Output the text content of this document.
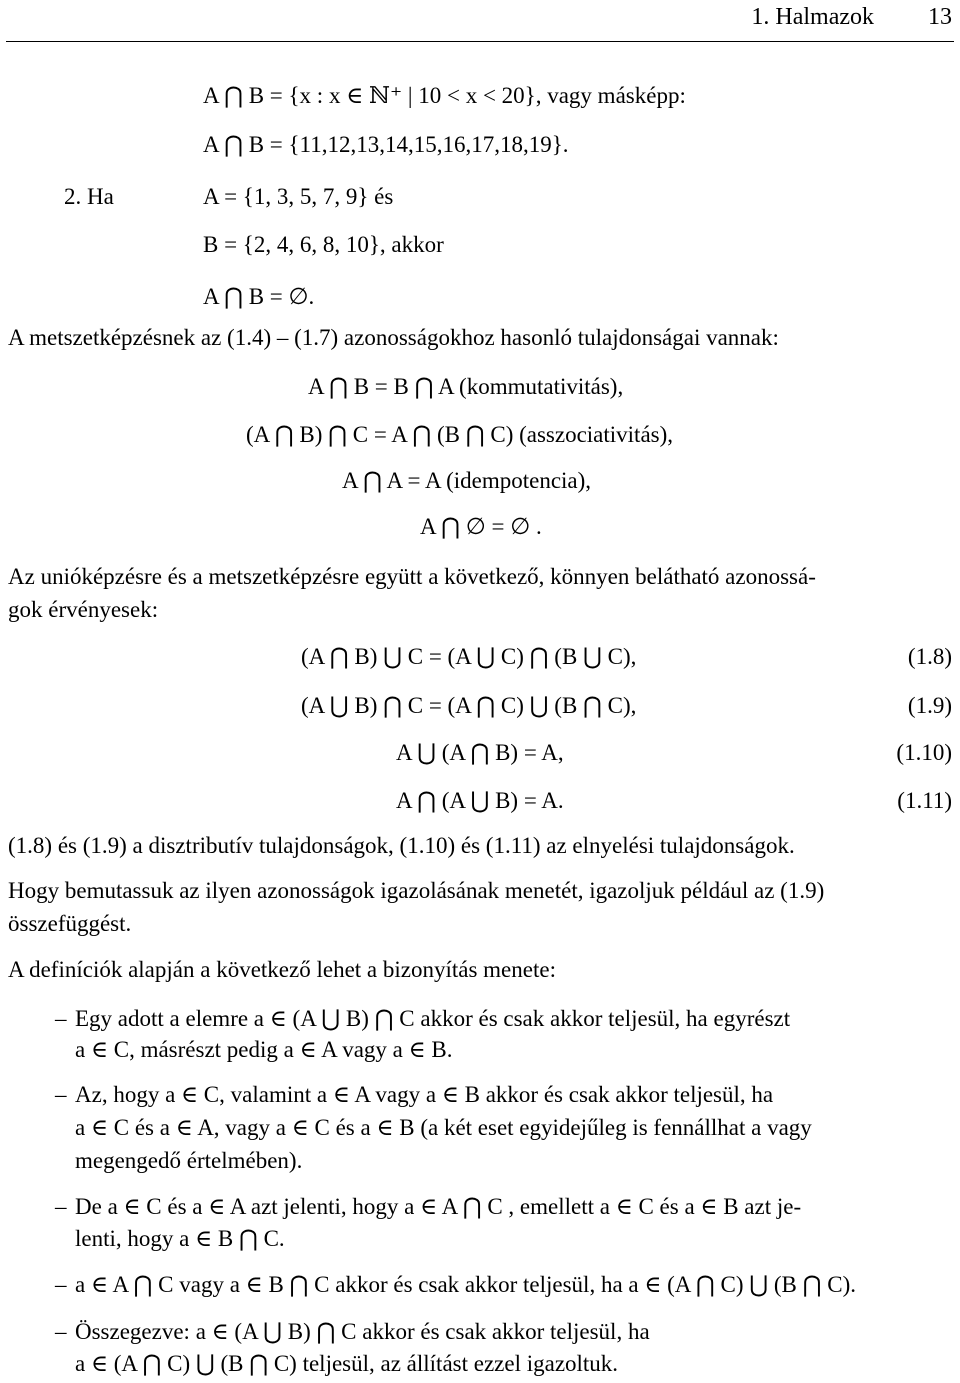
1. Halmazok 13
A ⋂ B = {x : x ∈ ℕ⁺ | 10 < x < 20}, vagy másképp:
A ⋂ B = {11,12,13,14,15,16,17,18,19}.
2. Ha	A = {1, 3, 5, 7, 9} és
B = {2, 4, 6, 8, 10}, akkor
A ⋂ B = ∅.
A metszetképzésnek az (1.4) – (1.7) azonosságokhoz hasonló tulajdonságai vannak:
A ⋂ B = B ⋂ A (kommutativitás),
(A ⋂ B) ⋂ C = A ⋂ (B ⋂ C) (asszociativitás),
A ⋂ A = A (idempotencia),
A ⋂ ∅ = ∅ .
Az unióképzésre és a metszetképzésre együtt a következő, könnyen belátható azonossá-
gok érvényesek:
(A ⋂ B) ⋃ C = (A ⋃ C) ⋂ (B ⋃ C),	(1.8)
(A ⋃ B) ⋂ C = (A ⋂ C) ⋃ (B ⋂ C),	(1.9)
A ⋃ (A ⋂ B) = A,	(1.10)
A ⋂ (A ⋃ B) = A.	(1.11)
(1.8) és (1.9) a disztributív tulajdonságok, (1.10) és (1.11) az elnyelési tulajdonságok.
Hogy bemutassuk az ilyen azonosságok igazolásának menetét, igazoljuk például az (1.9)
összefüggést.
A definíciók alapján a következő lehet a bizonyítás menete:
– Egy adott a elemre a ∈ (A ⋃ B) ⋂ C akkor és csak akkor teljesül, ha egyrészt
a ∈ C, másrészt pedig a ∈ A vagy a ∈ B.
– Az, hogy a ∈ C, valamint a ∈ A vagy a ∈ B akkor és csak akkor teljesül, ha
a ∈ C és a ∈ A, vagy a ∈ C és a ∈ B (a két eset egyidejűleg is fennállhat a vagy
megengedő értelmében).
– De a ∈ C és a ∈ A azt jelenti, hogy a ∈ A ⋂ C , emellett a ∈ C és a ∈ B azt je-
lenti, hogy a ∈ B ⋂ C.
– a ∈ A ⋂ C vagy a ∈ B ⋂ C akkor és csak akkor teljesül, ha a ∈ (A ⋂ C) ⋃ (B ⋂ C).
– Összegezve: a ∈ (A ⋃ B) ⋂ C akkor és csak akkor teljesül, ha
a ∈ (A ⋂ C) ⋃ (B ⋂ C) teljesül, az állítást ezzel igazoltuk.
